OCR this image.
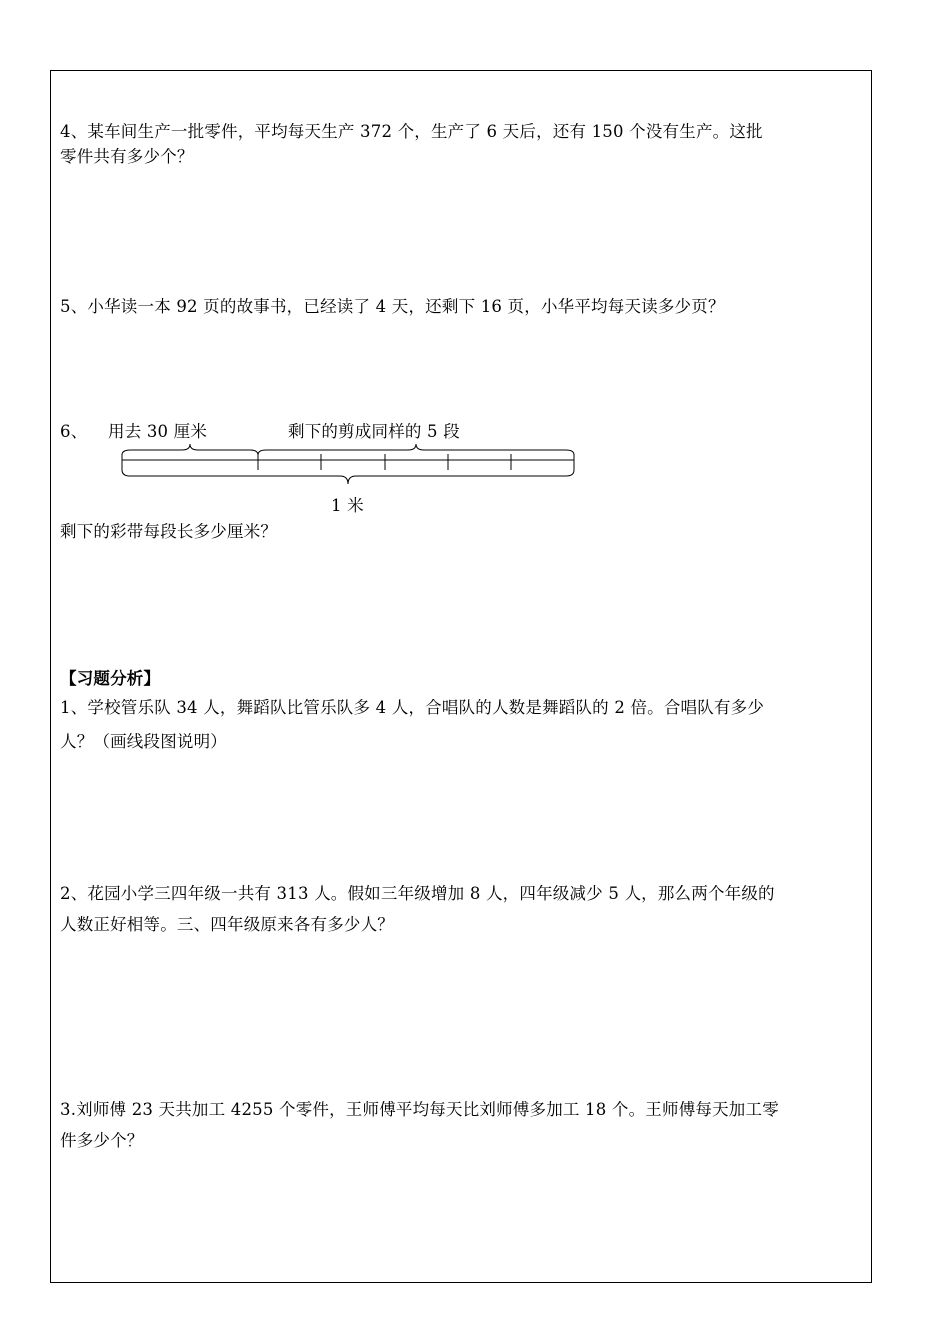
4、某车间生产一批零件，平均每天生产 372 个，生产了 6 天后，还有 150 个没有生产。这批
零件共有多少个？
5、小华读一本 92 页的故事书，已经读了 4 天，还剩下 16 页，小华平均每天读多少页？
6、 用去 30 厘米	剩下的剪成同样的 5 段
1 米
剩下的彩带每段长多少厘米？
【习题分析】
1、学校管乐队 34 人，舞蹈队比管乐队多 4 人，合唱队的人数是舞蹈队的 2 倍。合唱队有多少
人？（画线段图说明）
2、花园小学三四年级一共有 313 人。假如三年级增加 8 人，四年级减少 5 人，那么两个年级的
人数正好相等。三、四年级原来各有多少人？
3.刘师傅 23 天共加工 4255 个零件，王师傅平均每天比刘师傅多加工 18 个。王师傅每天加工零
件多少个？
